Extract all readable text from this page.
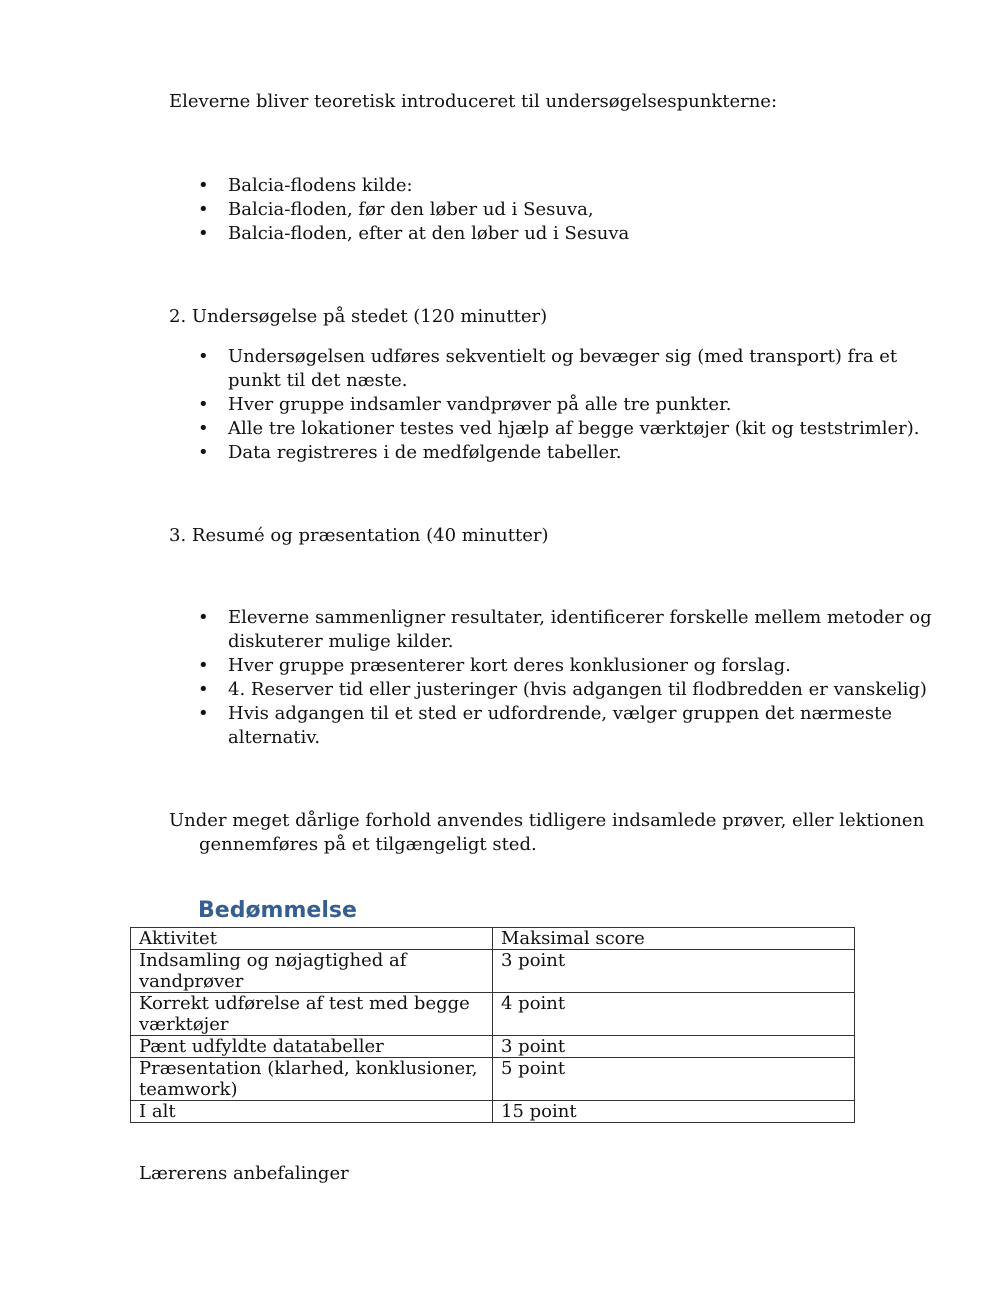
Eleverne bliver teoretisk introduceret til undersøgelsespunkterne:

• Balcia-flodens kilde:
• Balcia-floden, før den løber ud i Sesuva,
• Balcia-floden, efter at den løber ud i Sesuva

2. Undersøgelse på stedet (120 minutter)

• Undersøgelsen udføres sekventielt og bevæger sig (med transport) fra et punkt til det næste.
• Hver gruppe indsamler vandprøver på alle tre punkter.
• Alle tre lokationer testes ved hjælp af begge værktøjer (kit og teststrimler).
• Data registreres i de medfølgende tabeller.

3. Resumé og præsentation (40 minutter)

• Eleverne sammenligner resultater, identificerer forskelle mellem metoder og diskuterer mulige kilder.
• Hver gruppe præsenterer kort deres konklusioner og forslag.
• 4. Reserver tid eller justeringer (hvis adgangen til flodbredden er vanskelig)
• Hvis adgangen til et sted er udfordrende, vælger gruppen det nærmeste alternativ.

Under meget dårlige forhold anvendes tidligere indsamlede prøver, eller lektionen gennemføres på et tilgængeligt sted.

Bedømmelse
Aktivitet	Maksimal score
Indsamling og nøjagtighed af vandprøver	3 point
Korrekt udførelse af test med begge værktøjer	4 point
Pænt udfyldte datatabeller	3 point
Præsentation (klarhed, konklusioner, teamwork)	5 point
I alt	15 point

Lærerens anbefalinger
